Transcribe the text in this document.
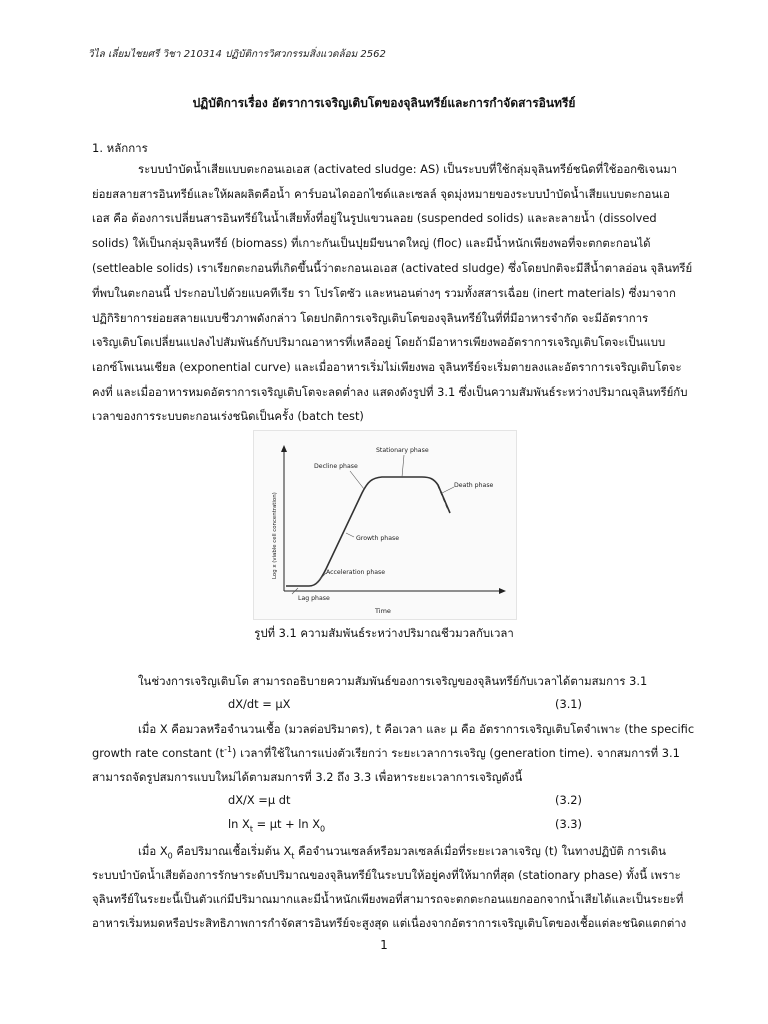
วิไล เลี่ยมไชยศรี วิชา 210314 ปฏิบัติการวิศวกรรมสิ่งแวดล้อม 2562
ปฏิบัติการเรื่อง อัตราการเจริญเติบโตของจุลินทรีย์และการกำจัดสารอินทรีย์
1. หลักการ
ระบบบำบัดน้ำเสียแบบตะกอนเอเอส (activated sludge: AS) เป็นระบบที่ใช้กลุ่มจุลินทรีย์ชนิดที่ใช้ออกซิเจนมา
ย่อยสลายสารอินทรีย์และให้ผลผลิตคือน้ำ คาร์บอนไดออกไซด์และเซลล์ จุดมุ่งหมายของระบบบำบัดน้ำเสียแบบตะกอนเอ
เอส คือ ต้องการเปลี่ยนสารอินทรีย์ในน้ำเสียทั้งที่อยู่ในรูปแขวนลอย (suspended solids) และละลายน้ำ (dissolved
solids) ให้เป็นกลุ่มจุลินทรีย์ (biomass) ที่เกาะกันเป็นปุยมีขนาดใหญ่ (floc) และมีน้ำหนักเพียงพอที่จะตกตะกอนได้
(settleable solids) เราเรียกตะกอนที่เกิดขึ้นนี้ว่าตะกอนเอเอส (activated sludge) ซึ่งโดยปกติจะมีสีน้ำตาลอ่อน จุลินทรีย์
ที่พบในตะกอนนี้ ประกอบไปด้วยแบคทีเรีย รา โปรโตซัว และหนอนต่างๆ รวมทั้งสสารเฉื่อย (inert materials) ซึ่งมาจาก
ปฏิกิริยาการย่อยสลายแบบชีวภาพดังกล่าว โดยปกติการเจริญเติบโตของจุลินทรีย์ในที่ที่มีอาหารจำกัด จะมีอัตราการ
เจริญเติบโตเปลี่ยนแปลงไปสัมพันธ์กับปริมาณอาหารที่เหลืออยู่ โดยถ้ามีอาหารเพียงพออัตราการเจริญเติบโตจะเป็นแบบ
เอกซ์โพเนนเชียล (exponential curve) และเมื่ออาหารเริ่มไม่เพียงพอ จุลินทรีย์จะเริ่มตายลงและอัตราการเจริญเติบโตจะ
คงที่ และเมื่ออาหารหมดอัตราการเจริญเติบโตจะลดต่ำลง แสดงดังรูปที่ 3.1 ซึ่งเป็นความสัมพันธ์ระหว่างปริมาณจุลินทรีย์กับ
เวลาของการระบบตะกอนเร่งชนิดเป็นครั้ง (batch test)
Stationary phase
Decline phase
Death phase
Growth phase
Acceleration phase
Lag phase
Time
Log x (viable cell concentration)
รูปที่ 3.1 ความสัมพันธ์ระหว่างปริมาณชีวมวลกับเวลา
ในช่วงการเจริญเติบโต สามารถอธิบายความสัมพันธ์ของการเจริญของจุลินทรีย์กับเวลาได้ตามสมการ 3.1
dX/dt = μX	(3.1)
เมื่อ X คือมวลหรือจำนวนเชื้อ (มวลต่อปริมาตร), t คือเวลา และ μ คือ อัตราการเจริญเติบโตจำเพาะ (the specific
growth rate constant $(t^{-1})$ เวลาที่ใช้ในการแบ่งตัวเรียกว่า ระยะเวลาการเจริญ (generation time). จากสมการที่ 3.1
สามารถจัดรูปสมการแบบใหม่ได้ตามสมการที่ 3.2 ถึง 3.3 เพื่อหาระยะเวลาการเจริญดังนี้
dX/X =μ dt	(3.2)
$\ln X_t = \mu t + \ln X_0$	(3.3)
เมื่อ $X_0$ คือปริมาณเชื้อเริ่มต้น $X_t$ คือจำนวนเซลล์หรือมวลเซลล์เมื่อที่ระยะเวลาเจริญ (t) ในทางปฏิบัติ การเดิน
ระบบบำบัดน้ำเสียต้องการรักษาระดับปริมาณของจุลินทรีย์ในระบบให้อยู่คงที่ให้มากที่สุด (stationary phase) ทั้งนี้ เพราะ
จุลินทรีย์ในระยะนี้เป็นตัวแก่มีปริมาณมากและมีน้ำหนักเพียงพอที่สามารถจะตกตะกอนแยกออกจากน้ำเสียได้และเป็นระยะที่
อาหารเริ่มหมดหรือประสิทธิภาพการกำจัดสารอินทรีย์จะสูงสุด แต่เนื่องจากอัตราการเจริญเติบโตของเชื้อแต่ละชนิดแตกต่าง
1
